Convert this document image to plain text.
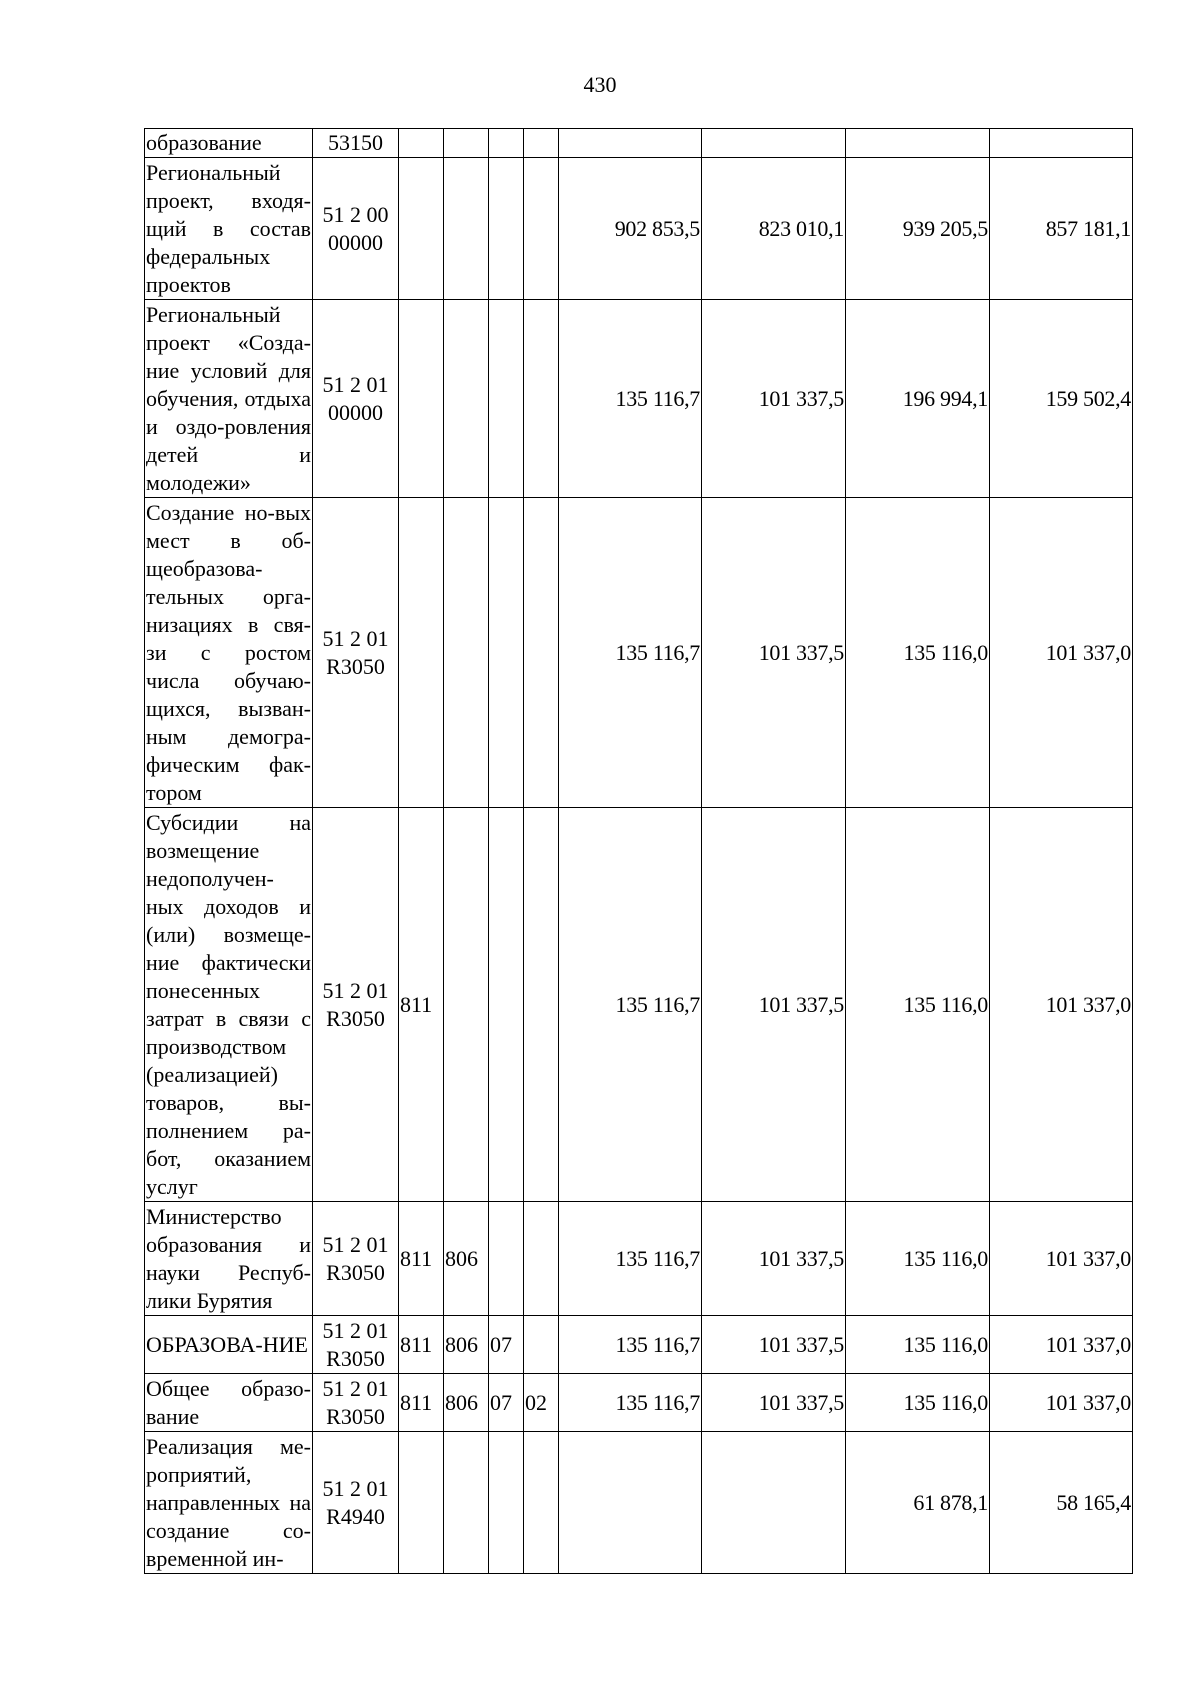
430
образование	53150								
Региональный проект, входя-щий в состав федеральных проектов	51 2 00 00000					902 853,5	823 010,1	939 205,5	857 181,1
Региональный проект «Созда-ние условий для обучения, отдыха и оздо-ровления детей и молодежи»	51 2 01 00000					135 116,7	101 337,5	196 994,1	159 502,4
Создание но-вых мест в об-щеобразова-тельных орга-низациях в свя-зи с ростом числа обучаю-щихся, вызван-ным демогра-фическим фак-тором	51 2 01 R3050					135 116,7	101 337,5	135 116,0	101 337,0
Субсидии на возмещение недополучен-ных доходов и (или) возмеще-ние фактически понесенных затрат в связи с производством (реализацией) товаров, вы-полнением ра-бот, оказанием услуг	51 2 01 R3050	811				135 116,7	101 337,5	135 116,0	101 337,0
Министерство образования и науки Респуб-лики Бурятия	51 2 01 R3050	811	806			135 116,7	101 337,5	135 116,0	101 337,0
ОБРАЗОВА-НИЕ	51 2 01 R3050	811	806	07		135 116,7	101 337,5	135 116,0	101 337,0
Общее образо-вание	51 2 01 R3050	811	806	07	02	135 116,7	101 337,5	135 116,0	101 337,0
Реализация ме-роприятий, направленных на создание со-временной ин-	51 2 01 R4940							61 878,1	58 165,4
